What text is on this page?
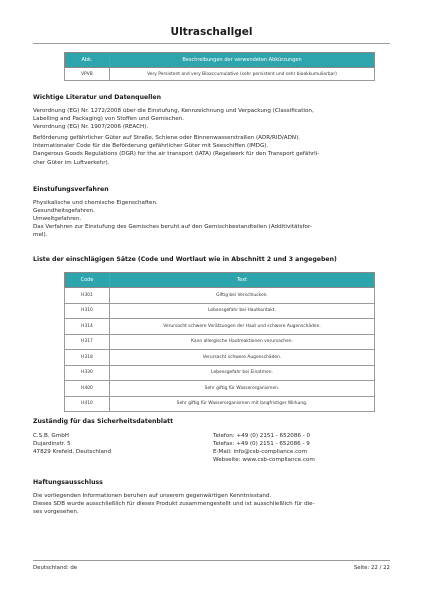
Ultraschallgel
Abk.	Beschreibungen der verwendeten Abkürzungen
VPVB	Very Persistent and very Bioaccumulative (sehr persistent und sehr bioakkumulierbar)
Wichtige Literatur und Datenquellen
Verordnung (EG) Nr. 1272/2008 über die Einstufung, Kennzeichnung und Verpackung (Classification,
Labelling and Packaging) von Stoffen und Gemischen.
Verordnung (EG) Nr. 1907/2006 (REACH).
Beförderung gefährlicher Güter auf Straße, Schiene oder Binnenwasserstraßen (ADR/RID/ADN).
Internationaler Code für die Beförderung gefährlicher Güter mit Seeschiffen (IMDG).
Dangerous Goods Regulations (DGR) for the air transport (IATA) (Regelwerk für den Transport gefährli-
cher Güter im Luftverkehr).
Einstufungsverfahren
Physikalische und chemische Eigenschaften.
Gesundheitsgefahren.
Umweltgefahren.
Das Verfahren zur Einstufung des Gemisches beruht auf den Gemischbestandteilen (Additivitätsfor-
mel).
Liste der einschlägigen Sätze (Code und Wortlaut wie in Abschnitt 2 und 3 angegeben)
Code	Text
H301	Giftig bei Verschlucken.
H310	Lebensgefahr bei Hautkontakt.
H314	Verursacht schwere Verätzungen der Haut und schwere Augenschäden.
H317	Kann allergische Hautreaktionen verursachen.
H318	Verursacht schwere Augenschäden.
H330	Lebensgefahr bei Einatmen.
H400	Sehr giftig für Wasserorganismen.
H410	Sehr giftig für Wasserorganismen mit langfristiger Wirkung.
Zuständig für das Sicherheitsdatenblatt
C.S.B. GmbH
Dujardinstr. 5
47829 Krefeld, Deutschland
Telefon: +49 (0) 2151 - 652086 - 0
Telefax: +49 (0) 2151 - 652086 - 9
E-Mail: info@csb-compliance.com
Webseite: www.csb-compliance.com
Haftungsausschluss
Die vorliegenden Informationen beruhen auf unserem gegenwärtigen Kenntnisstand.
Dieses SDB wurde ausschließlich für dieses Produkt zusammengestellt und ist ausschließlich für die-
ses vorgesehen.
Deutschland: de	Seite: 22 / 22
